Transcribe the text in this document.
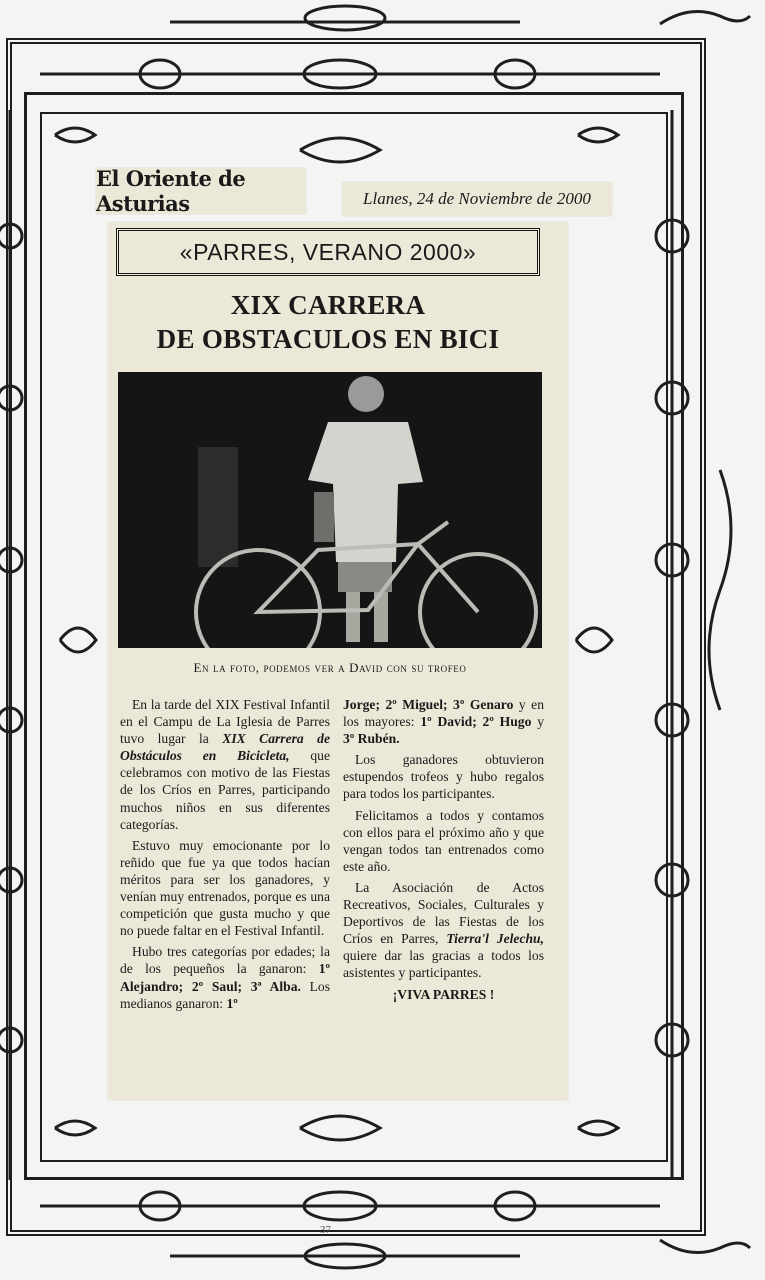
El Oriente de Asturias	Llanes, 24 de Noviembre de 2000
«PARRES, VERANO 2000»
XIX CARRERA
DE OBSTACULOS EN BICI
En la foto, podemos ver a David con su trofeo

En la tarde del XIX Festival Infantil en el Campu de La Iglesia de Parres tuvo lugar la XIX Carrera de Obstáculos en Bicicleta, que celebramos con motivo de las Fiestas de los Críos en Parres, participando muchos niños en sus diferentes categorías.

Estuvo muy emocionante por lo reñido que fue ya que todos hacían méritos para ser los ganadores, y venían muy entrenados, porque es una competición que gusta mucho y que no puede faltar en el Festival Infantil.

Hubo tres categorías por edades; la de los pequeños la ganaron: 1º Alejandro; 2º Saul; 3ª Alba. Los medianos ganaron: 1º

Jorge; 2º Miguel; 3º Genaro y en los mayores: 1º David; 2º Hugo y 3º Rubén.

Los ganadores obtuvieron estupendos trofeos y hubo regalos para todos los participantes.

Felicitamos a todos y contamos con ellos para el próximo año y que vengan todos tan entrenados como este año.

La Asociación de Actos Recreativos, Sociales, Culturales y Deportivos de las Fiestas de los Críos en Parres, Tierra'l Jelechu, quiere dar las gracias a todos los asistentes y participantes.

¡VIVA PARRES !

37
